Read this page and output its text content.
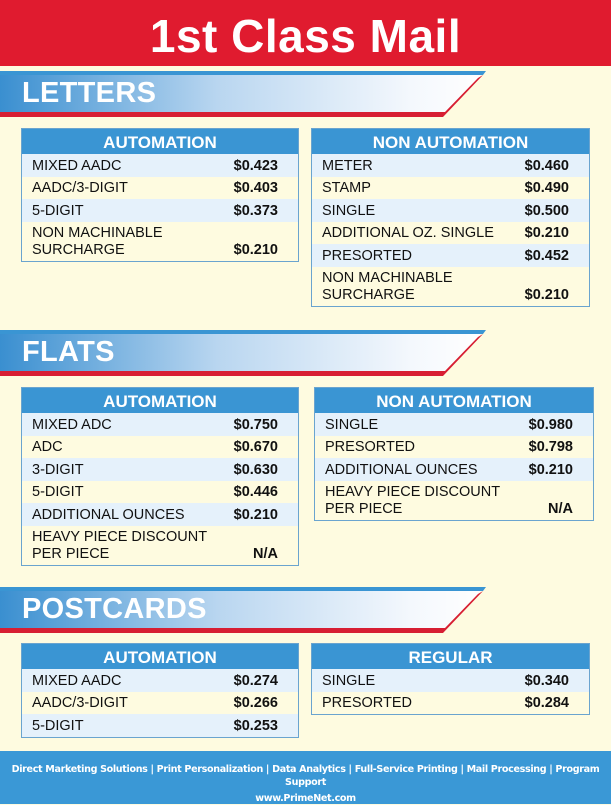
1st Class Mail
LETTERS
AUTOMATION
MIXED AADC	$0.423
AADC/3-DIGIT	$0.403
5-DIGIT	$0.373
NON MACHINABLE SURCHARGE	$0.210
NON AUTOMATION
METER	$0.460
STAMP	$0.490
SINGLE	$0.500
ADDITIONAL OZ. SINGLE $0.210
PRESORTED	$0.452
NON MACHINABLE SURCHARGE	$0.210
FLATS
AUTOMATION
MIXED ADC	$0.750
ADC	$0.670
3-DIGIT	$0.630
5-DIGIT	$0.446
ADDITIONAL OUNCES	$0.210
HEAVY PIECE DISCOUNT PER PIECE	N/A
NON AUTOMATION
SINGLE	$0.980
PRESORTED	$0.798
ADDITIONAL OUNCES	$0.210
HEAVY PIECE DISCOUNT PER PIECE	N/A
POSTCARDS
AUTOMATION
MIXED AADC	$0.274
AADC/3-DIGIT	$0.266
5-DIGIT	$0.253
REGULAR
SINGLE	$0.340
PRESORTED	$0.284
Direct Marketing Solutions | Print Personalization | Data Analytics | Full-Service Printing | Mail Processing | Program Support
www.PrimeNet.com
